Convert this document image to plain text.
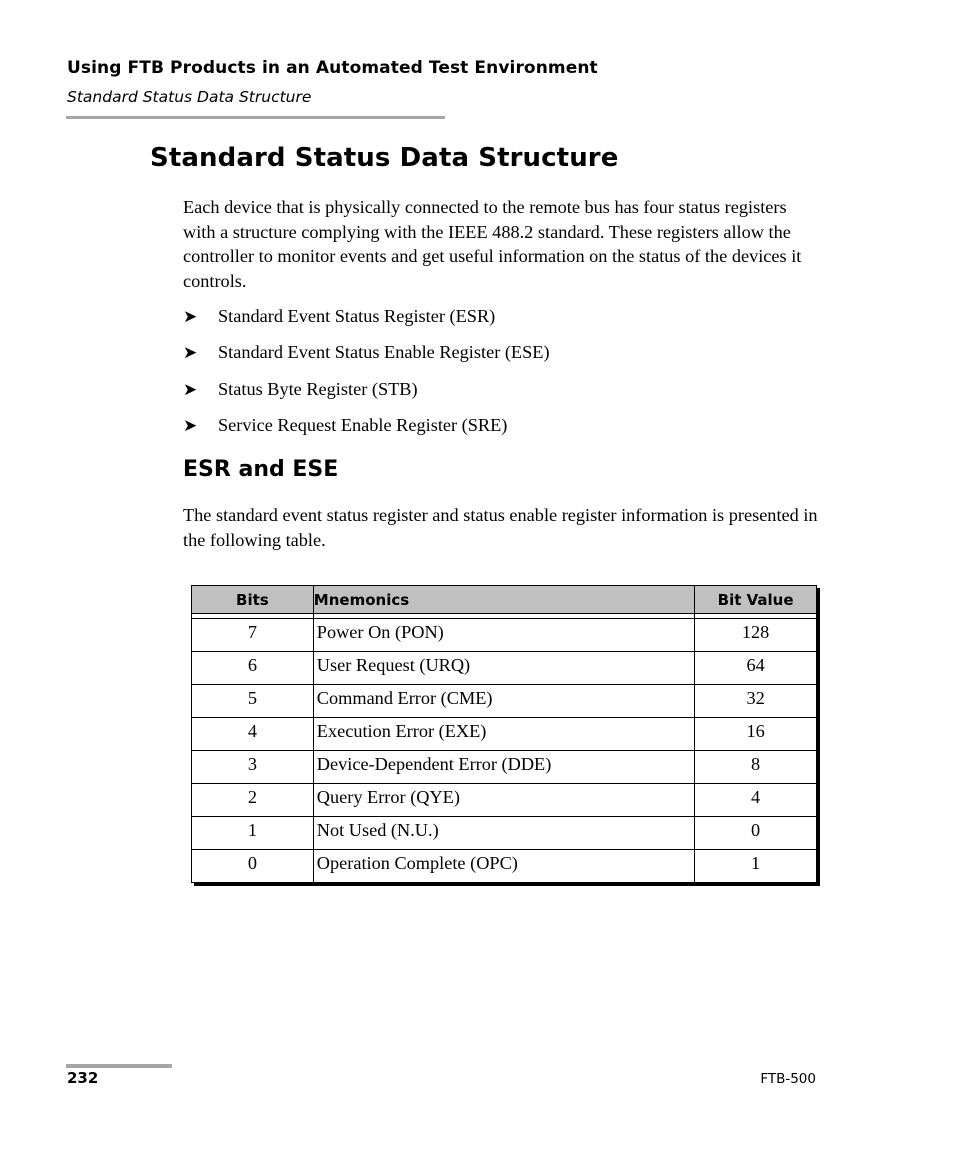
Using FTB Products in an Automated Test Environment
Standard Status Data Structure
Standard Status Data Structure

Each device that is physically connected to the remote bus has four status registers with a structure complying with the IEEE 488.2 standard. These registers allow the controller to monitor events and get useful information on the status of the devices it controls.

➤ Standard Event Status Register (ESR)
➤ Standard Event Status Enable Register (ESE)
➤ Status Byte Register (STB)
➤ Service Request Enable Register (SRE)
ESR and ESE

The standard event status register and status enable register information is presented in the following table.

Bits	Mnemonics	Bit Value

7	Power On (PON)	128
6	User Request (URQ)	64
5	Command Error (CME)	32
4	Execution Error (EXE)	16
3	Device-Dependent Error (DDE)	8
2	Query Error (QYE)	4
1	Not Used (N.U.)	0
0	Operation Complete (OPC)	1
232	FTB-500
